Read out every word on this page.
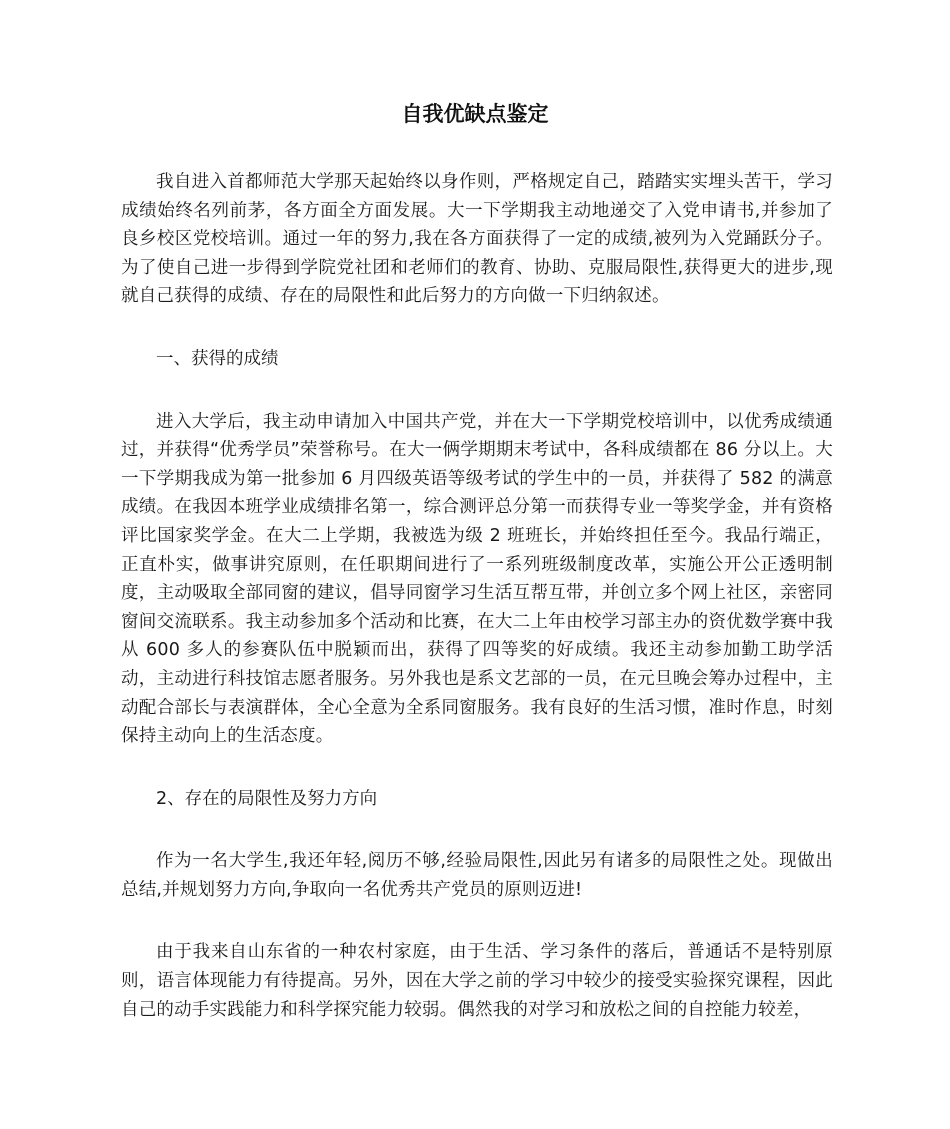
自我优缺点鉴定

我自进入首都师范大学那天起始终以身作则，严格规定自己，踏踏实实埋头苦干，学习成绩始终名列前茅，各方面全方面发展。大一下学期我主动地递交了入党申请书,并参加了良乡校区党校培训。通过一年的努力,我在各方面获得了一定的成绩,被列为入党踊跃分子。为了使自己进一步得到学院党社团和老师们的教育、协助、克服局限性,获得更大的进步,现就自己获得的成绩、存在的局限性和此后努力的方向做一下归纳叙述。

一、获得的成绩

进入大学后，我主动申请加入中国共产党，并在大一下学期党校培训中，以优秀成绩通过，并获得“优秀学员”荣誉称号。在大一俩学期期末考试中，各科成绩都在 86 分以上。大一下学期我成为第一批参加 6 月四级英语等级考试的学生中的一员，并获得了 582 的满意成绩。在我因本班学业成绩排名第一，综合测评总分第一而获得专业一等奖学金，并有资格评比国家奖学金。在大二上学期，我被选为级 2 班班长，并始终担任至今。我品行端正，正直朴实，做事讲究原则，在任职期间进行了一系列班级制度改革，实施公开公正透明制度，主动吸取全部同窗的建议，倡导同窗学习生活互帮互带，并创立多个网上社区，亲密同窗间交流联系。我主动参加多个活动和比赛，在大二上年由校学习部主办的资优数学赛中我从 600 多人的参赛队伍中脱颖而出，获得了四等奖的好成绩。我还主动参加勤工助学活动，主动进行科技馆志愿者服务。另外我也是系文艺部的一员，在元旦晚会筹办过程中，主动配合部长与表演群体，全心全意为全系同窗服务。我有良好的生活习惯，准时作息，时刻保持主动向上的生活态度。

2、存在的局限性及努力方向

作为一名大学生,我还年轻,阅历不够,经验局限性,因此另有诸多的局限性之处。现做出总结,并规划努力方向,争取向一名优秀共产党员的原则迈进!

由于我来自山东省的一种农村家庭，由于生活、学习条件的落后，普通话不是特别原则，语言体现能力有待提高。另外，因在大学之前的学习中较少的接受实验探究课程，因此自己的动手实践能力和科学探究能力较弱。偶然我的对学习和放松之间的自控能力较差，
